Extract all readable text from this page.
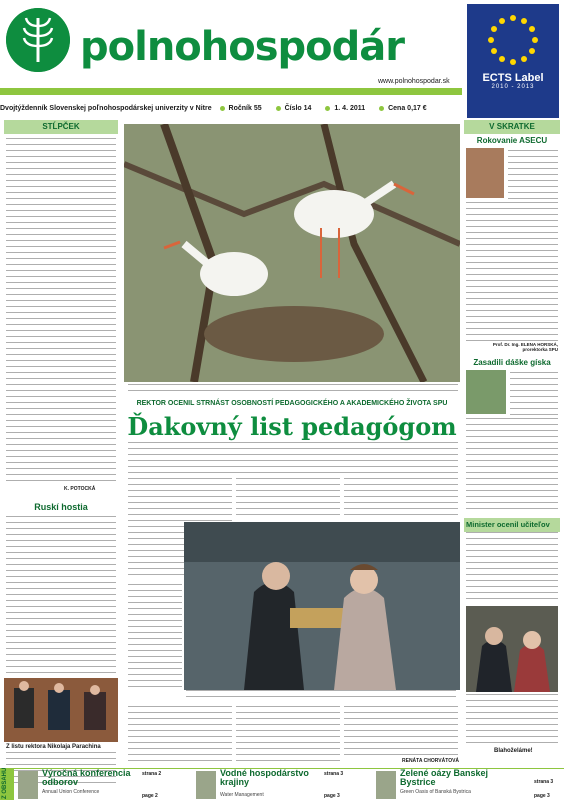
polnohospodár
www.polnohospodar.sk	ECTS Label
2010 - 2013
Dvojtýždenník Slovenskej poľnohospodárskej univerzity v Nitre Ročník 55	Číslo 14	1. 4. 2011	Cena 0,17 €
STĹPČEK
K. POTOCKÁ
Ruskí hostia
Z listu rektora Nikolaja Parachina
REKTOR OCENIL STRNÁST OSOBNOSTÍ PEDAGOGICKÉHO A AKADEMICKÉHO ŽIVOTA SPU
Ďakovný list pedagógom
RENÁTA CHORVÁTOVÁ
V SKRATKE
Rokovanie ASECU
Prof. Dr. Ing. ELENA HORSKÁ, prorektorka SPU
Zasadili dáške gíska
Minister ocenil učiteľov
Blahoželáme!
Z OBSAHU	Výročná konferencia odborov
strana 2
Annual Union Conference
page 2
Vodné hospodárstvo krajiny
strana 3
Water Management	page 3
Zelené oázy Banskej Bystrice	strana 3
Green Oasis of Banská Bystrica
page 3
